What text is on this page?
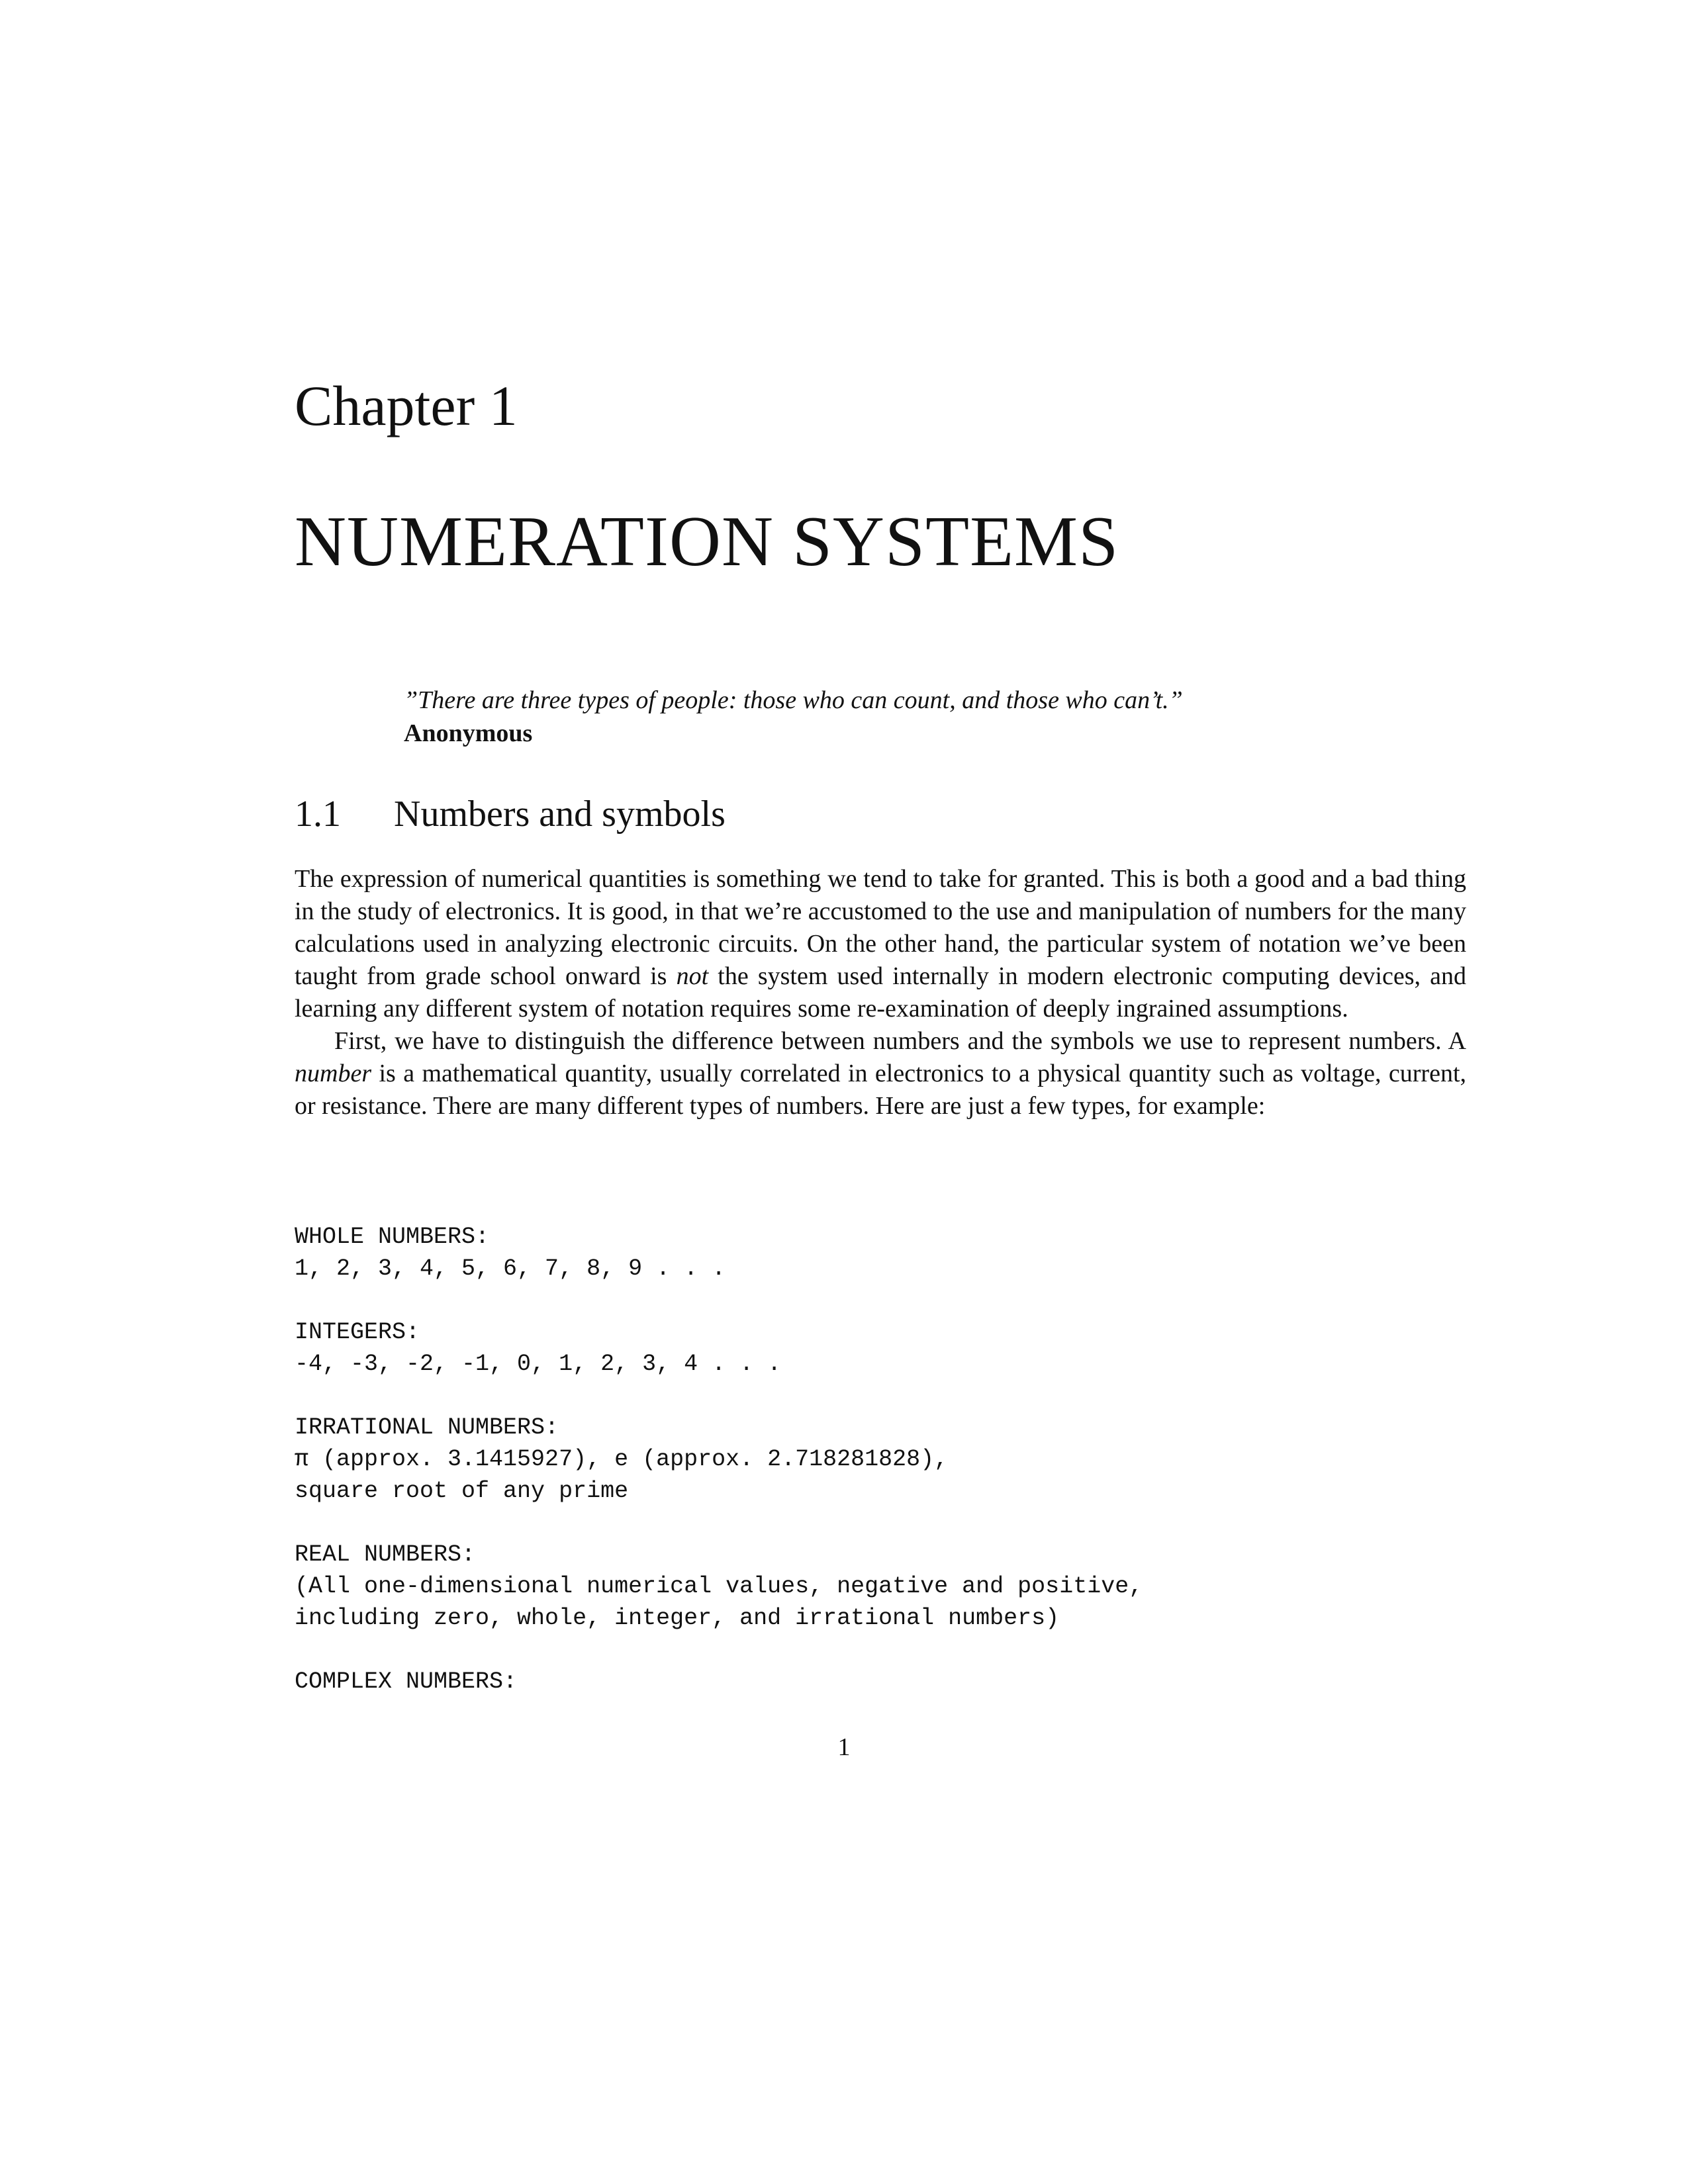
Chapter 1
NUMERATION SYSTEMS
”There are three types of people: those who can count, and those who can’t.”
Anonymous
1.1 Numbers and symbols

The expression of numerical quantities is something we tend to take for granted. This is both a good and a bad thing in the study of electronics. It is good, in that we’re accustomed to the use and manipulation of numbers for the many calculations used in analyzing electronic circuits. On the other hand, the particular system of notation we’ve been taught from grade school onward is not the system used internally in modern electronic computing devices, and learning any different system of notation requires some re-examination of deeply ingrained assumptions.

First, we have to distinguish the difference between numbers and the symbols we use to represent numbers. A number is a mathematical quantity, usually correlated in electronics to a physical quantity such as voltage, current, or resistance. There are many different types of numbers. Here are just a few types, for example:

WHOLE NUMBERS:
1, 2, 3, 4, 5, 6, 7, 8, 9 . . .
INTEGERS:
-4, -3, -2, -1, 0, 1, 2, 3, 4 . . .
IRRATIONAL NUMBERS:
π (approx. 3.1415927), e (approx. 2.718281828),
square root of any prime
REAL NUMBERS:
(All one-dimensional numerical values, negative and positive,
including zero, whole, integer, and irrational numbers)
COMPLEX NUMBERS:
1
